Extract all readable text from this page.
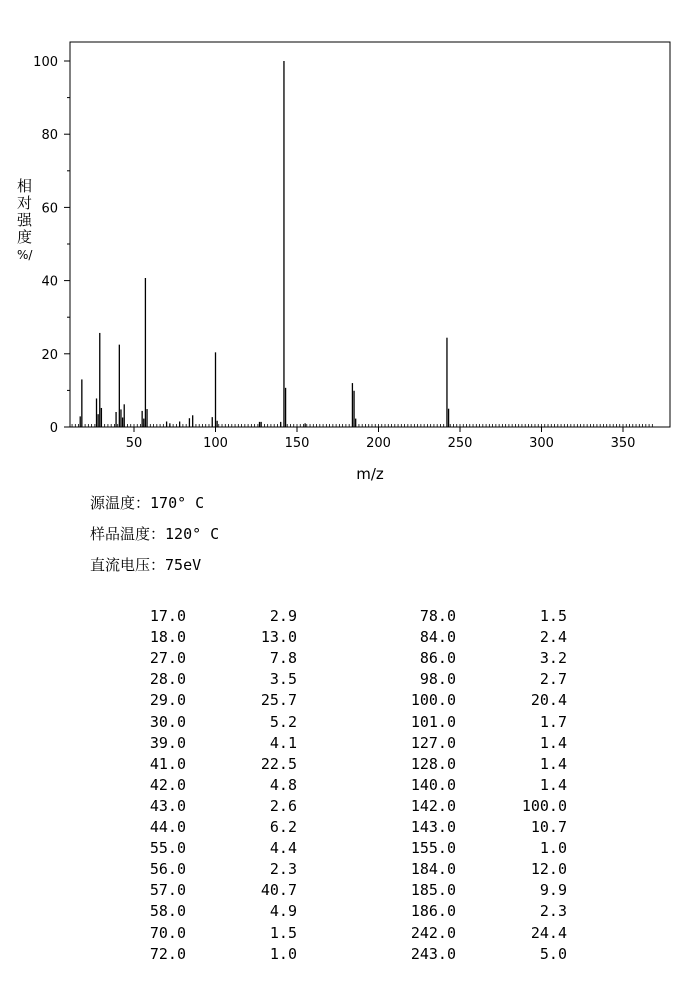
0
20
40
60
80
100
50	100	150	200	250	300	350
m/z
相
对
强
度
%/
源温度：170° C
样品温度：120° C
直流电压：75eV
17.0	2.9	78.0	1.5
18.0	13.0	84.0	2.4
27.0	7.8	86.0	3.2
28.0	3.5	98.0	2.7
29.0	25.7	100.0	20.4
30.0	5.2	101.0	1.7
39.0	4.1	127.0	1.4
41.0	22.5	128.0	1.4
42.0	4.8	140.0	1.4
43.0	2.6	142.0	100.0
44.0	6.2	143.0	10.7
55.0	4.4	155.0	1.0
56.0	2.3	184.0	12.0
57.0	40.7	185.0	9.9
58.0	4.9	186.0	2.3
70.0	1.5	242.0	24.4
72.0	1.0	243.0	5.0
